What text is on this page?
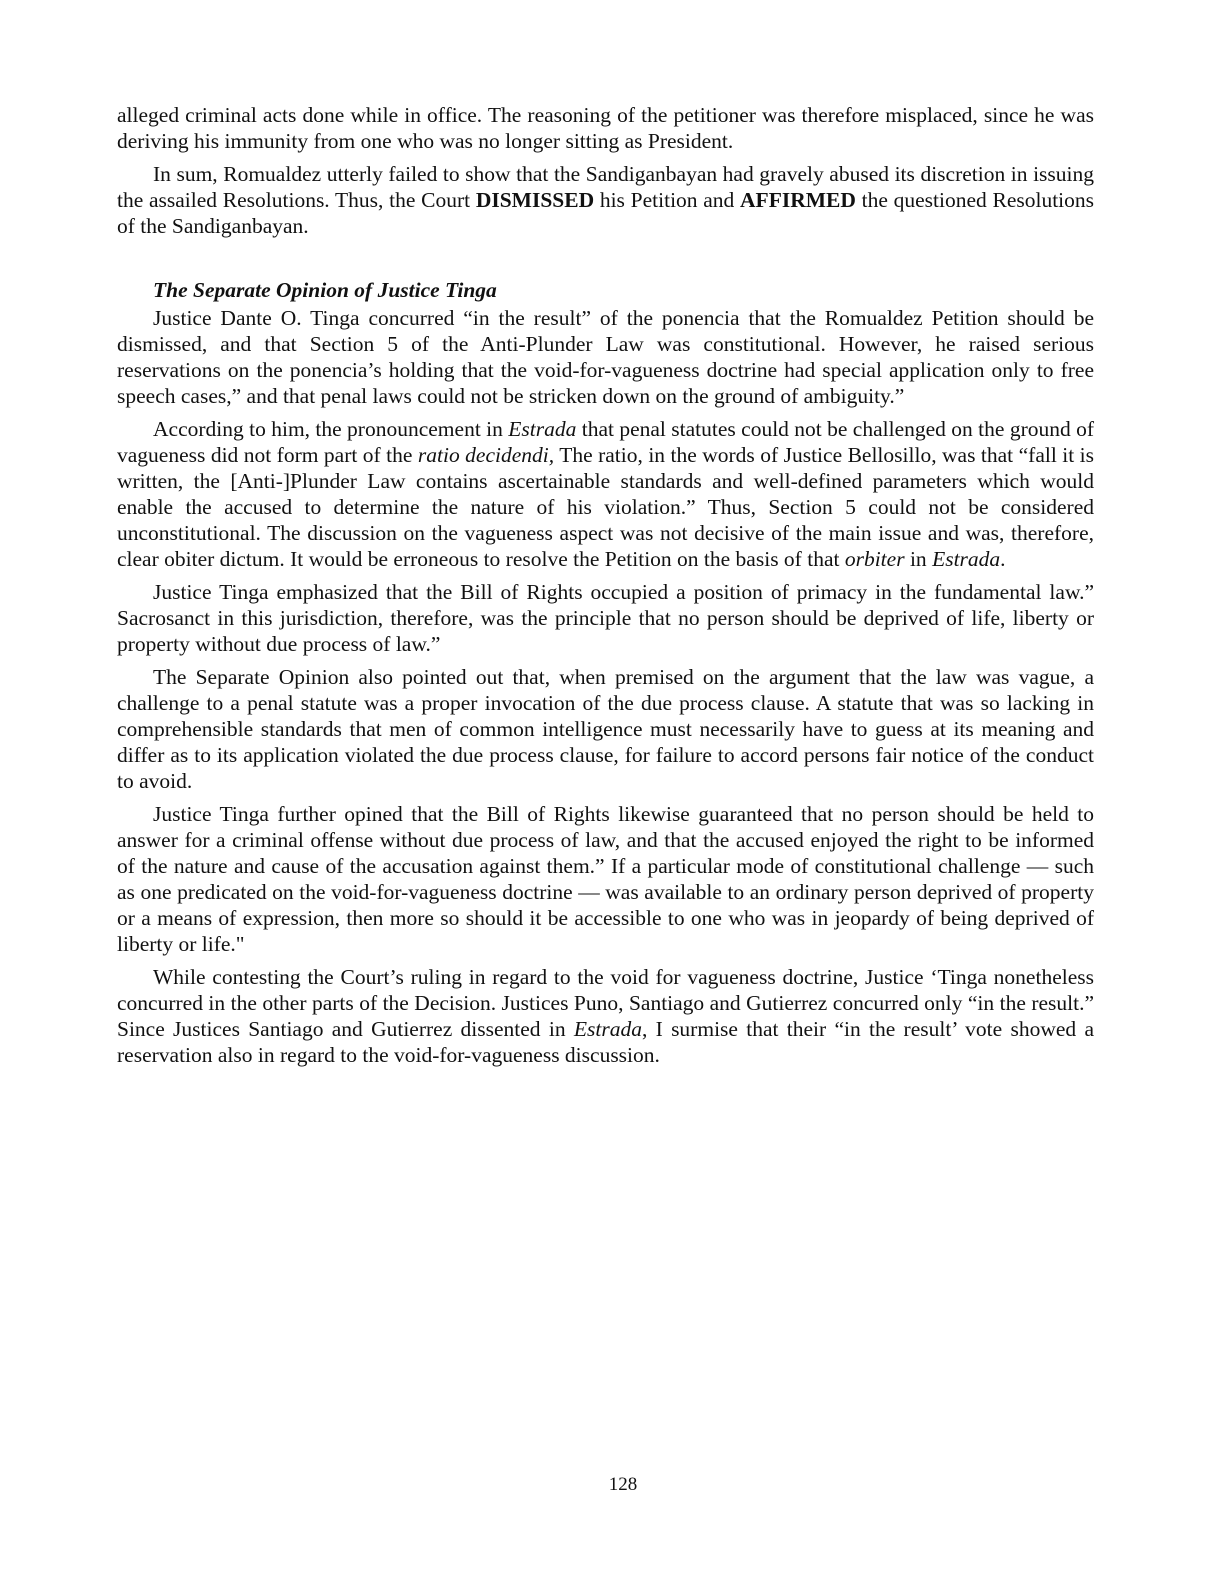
alleged criminal acts done while in office. The reasoning of the petitioner was therefore misplaced, since he was deriving his immunity from one who was no longer sitting as President.

In sum, Romualdez utterly failed to show that the Sandiganbayan had gravely abused its discretion in issuing the assailed Resolutions. Thus, the Court DISMISSED his Petition and AFFIRMED the questioned Resolutions of the Sandiganbayan.

The Separate Opinion of Justice Tinga

Justice Dante O. Tinga concurred “in the result” of the ponencia that the Romualdez Petition should be dismissed, and that Section 5 of the Anti-Plunder Law was constitutional. However, he raised serious reservations on the ponencia’s holding that the void-for-vagueness doctrine had special application only to free speech cases,” and that penal laws could not be stricken down on the ground of ambiguity.”

According to him, the pronouncement in Estrada that penal statutes could not be challenged on the ground of vagueness did not form part of the ratio decidendi, The ratio, in the words of Justice Bellosillo, was that “fall it is written, the [Anti-]Plunder Law contains ascertainable standards and well-defined parameters which would enable the accused to determine the nature of his violation.” Thus, Section 5 could not be considered unconstitutional. The discussion on the vagueness aspect was not decisive of the main issue and was, therefore, clear obiter dictum. It would be erroneous to resolve the Petition on the basis of that orbiter in Estrada.

Justice Tinga emphasized that the Bill of Rights occupied a position of primacy in the fundamental law.” Sacrosanct in this jurisdiction, therefore, was the principle that no person should be deprived of life, liberty or property without due process of law.”

The Separate Opinion also pointed out that, when premised on the argument that the law was vague, a challenge to a penal statute was a proper invocation of the due process clause. A statute that was so lacking in comprehensible standards that men of common intelligence must necessarily have to guess at its meaning and differ as to its application violated the due process clause, for failure to accord persons fair notice of the conduct to avoid.

Justice Tinga further opined that the Bill of Rights likewise guaranteed that no person should be held to answer for a criminal offense without due process of law, and that the accused enjoyed the right to be informed of the nature and cause of the accusation against them.” If a particular mode of constitutional challenge — such as one predicated on the void-for-vagueness doctrine — was available to an ordinary person deprived of property or a means of expression, then more so should it be accessible to one who was in jeopardy of being deprived of liberty or life."

While contesting the Court’s ruling in regard to the void for vagueness doctrine, Justice ‘Tinga nonetheless concurred in the other parts of the Decision. Justices Puno, Santiago and Gutierrez concurred only “in the result.” Since Justices Santiago and Gutierrez dissented in Estrada, I surmise that their “in the result’ vote showed a reservation also in regard to the void-for-vagueness discussion.

128
